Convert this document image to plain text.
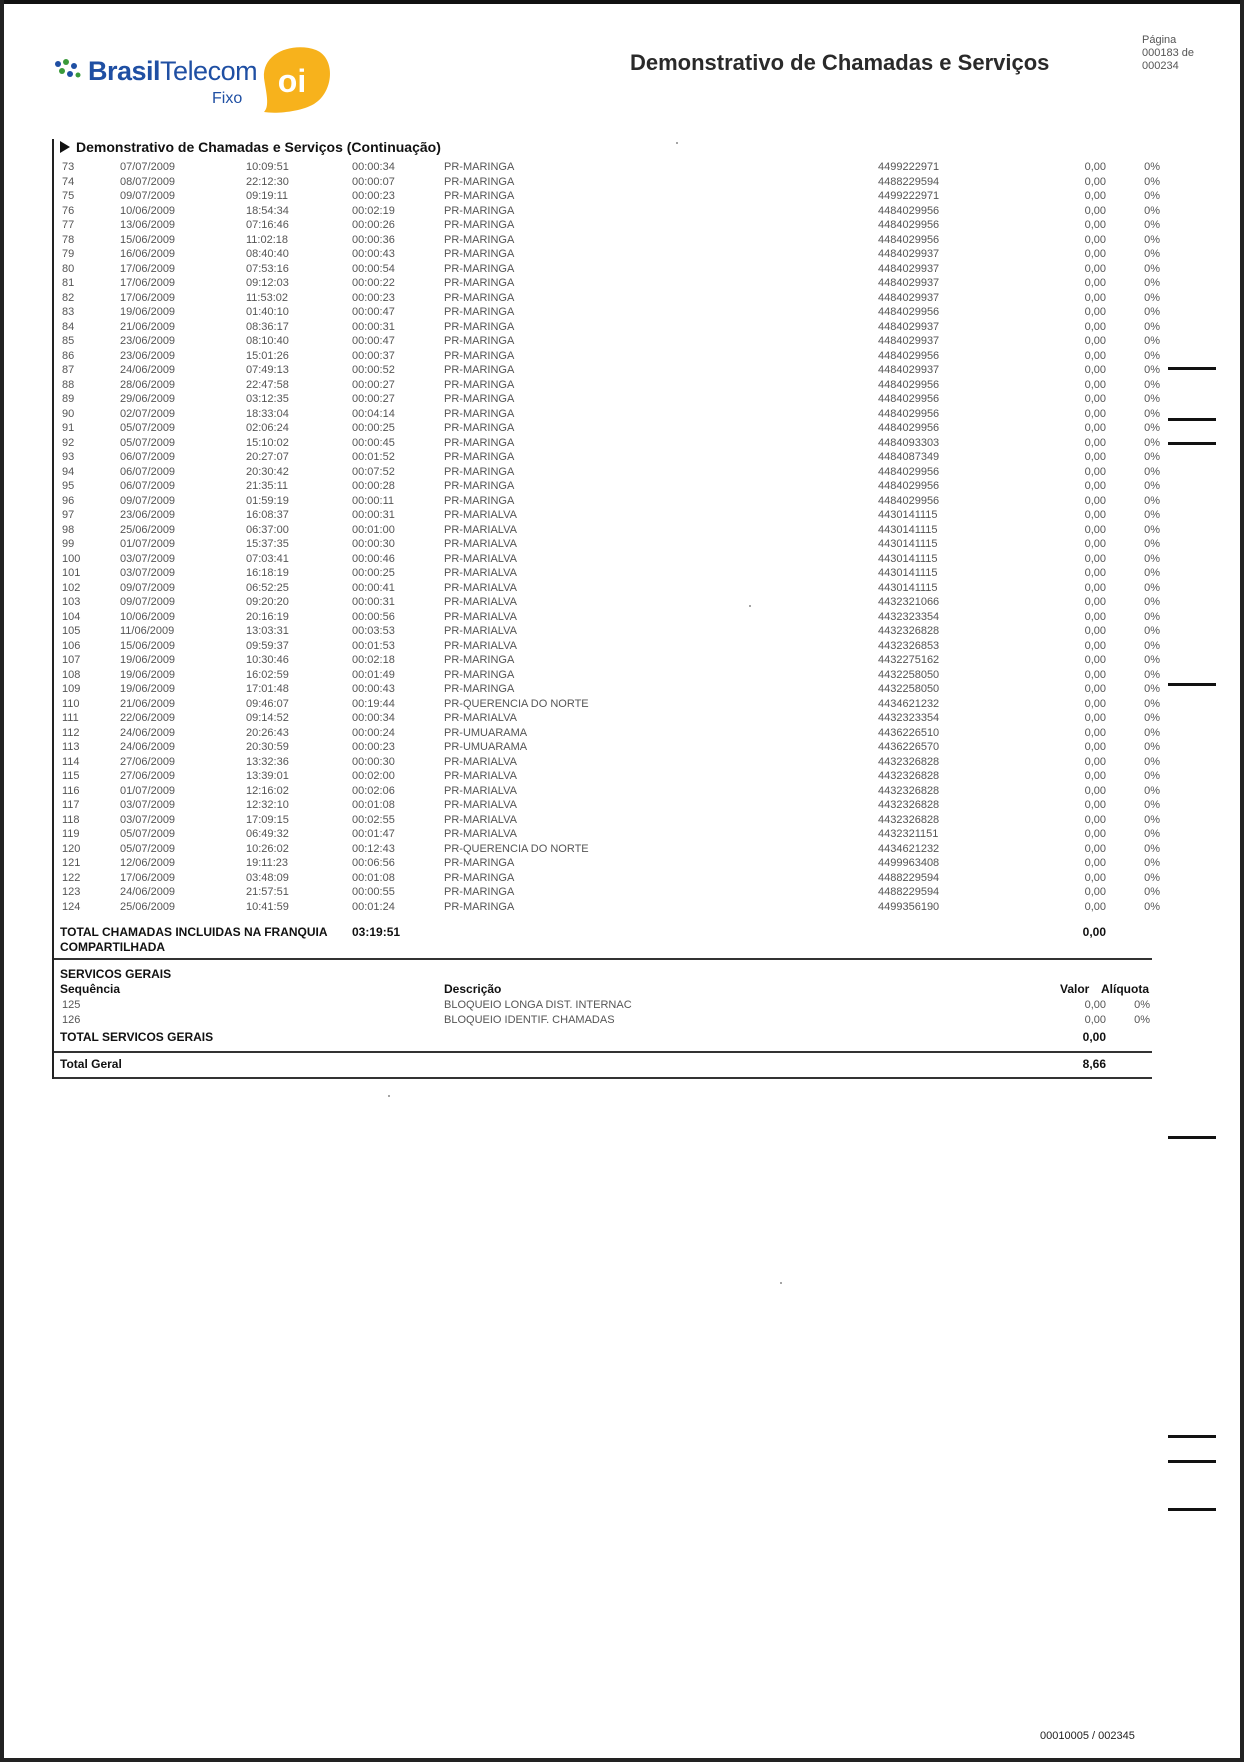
BrasilTelecom
Fixo oi
Demonstrativo de Chamadas e Serviços
Página
000183 de
000234
Demonstrativo de Chamadas e Serviços (Continuação)
73	07/07/2009	10:09:51	00:00:34	PR-MARINGA	4499222971	0,00	0%
74	08/07/2009	22:12:30	00:00:07	PR-MARINGA	4488229594	0,00	0%
75	09/07/2009	09:19:11	00:00:23	PR-MARINGA	4499222971	0,00	0%
76	10/06/2009	18:54:34	00:02:19	PR-MARINGA	4484029956	0,00	0%
77	13/06/2009	07:16:46	00:00:26	PR-MARINGA	4484029956	0,00	0%
78	15/06/2009	11:02:18	00:00:36	PR-MARINGA	4484029956	0,00	0%
79	16/06/2009	08:40:40	00:00:43	PR-MARINGA	4484029937	0,00	0%
80	17/06/2009	07:53:16	00:00:54	PR-MARINGA	4484029937	0,00	0%
81	17/06/2009	09:12:03	00:00:22	PR-MARINGA	4484029937	0,00	0%
82	17/06/2009	11:53:02	00:00:23	PR-MARINGA	4484029937	0,00	0%
83	19/06/2009	01:40:10	00:00:47	PR-MARINGA	4484029956	0,00	0%
84	21/06/2009	08:36:17	00:00:31	PR-MARINGA	4484029937	0,00	0%
85	23/06/2009	08:10:40	00:00:47	PR-MARINGA	4484029937	0,00	0%
86	23/06/2009	15:01:26	00:00:37	PR-MARINGA	4484029956	0,00	0%
87	24/06/2009	07:49:13	00:00:52	PR-MARINGA	4484029937	0,00	0%
88	28/06/2009	22:47:58	00:00:27	PR-MARINGA	4484029956	0,00	0%
89	29/06/2009	03:12:35	00:00:27	PR-MARINGA	4484029956	0,00	0%
90	02/07/2009	18:33:04	00:04:14	PR-MARINGA	4484029956	0,00	0%
91	05/07/2009	02:06:24	00:00:25	PR-MARINGA	4484029956	0,00	0%
92	05/07/2009	15:10:02	00:00:45	PR-MARINGA	4484093303	0,00	0%
93	06/07/2009	20:27:07	00:01:52	PR-MARINGA	4484087349	0,00	0%
94	06/07/2009	20:30:42	00:07:52	PR-MARINGA	4484029956	0,00	0%
95	06/07/2009	21:35:11	00:00:28	PR-MARINGA	4484029956	0,00	0%
96	09/07/2009	01:59:19	00:00:11	PR-MARINGA	4484029956	0,00	0%
97	23/06/2009	16:08:37	00:00:31	PR-MARIALVA	4430141115	0,00	0%
98	25/06/2009	06:37:00	00:01:00	PR-MARIALVA	4430141115	0,00	0%
99	01/07/2009	15:37:35	00:00:30	PR-MARIALVA	4430141115	0,00	0%
100	03/07/2009	07:03:41	00:00:46	PR-MARIALVA	4430141115	0,00	0%
101	03/07/2009	16:18:19	00:00:25	PR-MARIALVA	4430141115	0,00	0%
102	09/07/2009	06:52:25	00:00:41	PR-MARIALVA	4430141115	0,00	0%
103	09/07/2009	09:20:20	00:00:31	PR-MARIALVA	4432321066	0,00	0%
104	10/06/2009	20:16:19	00:00:56	PR-MARIALVA	4432323354	0,00	0%
105	11/06/2009	13:03:31	00:03:53	PR-MARIALVA	4432326828	0,00	0%
106	15/06/2009	09:59:37	00:01:53	PR-MARIALVA	4432326853	0,00	0%
107	19/06/2009	10:30:46	00:02:18	PR-MARINGA	4432275162	0,00	0%
108	19/06/2009	16:02:59	00:01:49	PR-MARINGA	4432258050	0,00	0%
109	19/06/2009	17:01:48	00:00:43	PR-MARINGA	4432258050	0,00	0%
110	21/06/2009	09:46:07	00:19:44	PR-QUERENCIA DO NORTE	4434621232	0,00	0%
111	22/06/2009	09:14:52	00:00:34	PR-MARIALVA	4432323354	0,00	0%
112	24/06/2009	20:26:43	00:00:24	PR-UMUARAMA	4436226510	0,00	0%
113	24/06/2009	20:30:59	00:00:23	PR-UMUARAMA	4436226570	0,00	0%
114	27/06/2009	13:32:36	00:00:30	PR-MARIALVA	4432326828	0,00	0%
115	27/06/2009	13:39:01	00:02:00	PR-MARIALVA	4432326828	0,00	0%
116	01/07/2009	12:16:02	00:02:06	PR-MARIALVA	4432326828	0,00	0%
117	03/07/2009	12:32:10	00:01:08	PR-MARIALVA	4432326828	0,00	0%
118	03/07/2009	17:09:15	00:02:55	PR-MARIALVA	4432326828	0,00	0%
119	05/07/2009	06:49:32	00:01:47	PR-MARIALVA	4432321151	0,00	0%
120	05/07/2009	10:26:02	00:12:43	PR-QUERENCIA DO NORTE	4434621232	0,00	0%
121	12/06/2009	19:11:23	00:06:56	PR-MARINGA	4499963408	0,00	0%
122	17/06/2009	03:48:09	00:01:08	PR-MARINGA	4488229594	0,00	0%
123	24/06/2009	21:57:51	00:00:55	PR-MARINGA	4488229594	0,00	0%
124	25/06/2009	10:41:59	00:01:24	PR-MARINGA	4499356190	0,00	0%
TOTAL CHAMADAS INCLUIDAS NA FRANQUIA
COMPARTILHADA
03:19:51	0,00
SERVICOS GERAIS
Sequência	Descrição	Valor Alíquota
125	BLOQUEIO LONGA DIST. INTERNAC	0,00	0%
126	BLOQUEIO IDENTIF. CHAMADAS	0,00	0%
TOTAL SERVICOS GERAIS	0,00
Total Geral	8,66
00010005 / 002345
